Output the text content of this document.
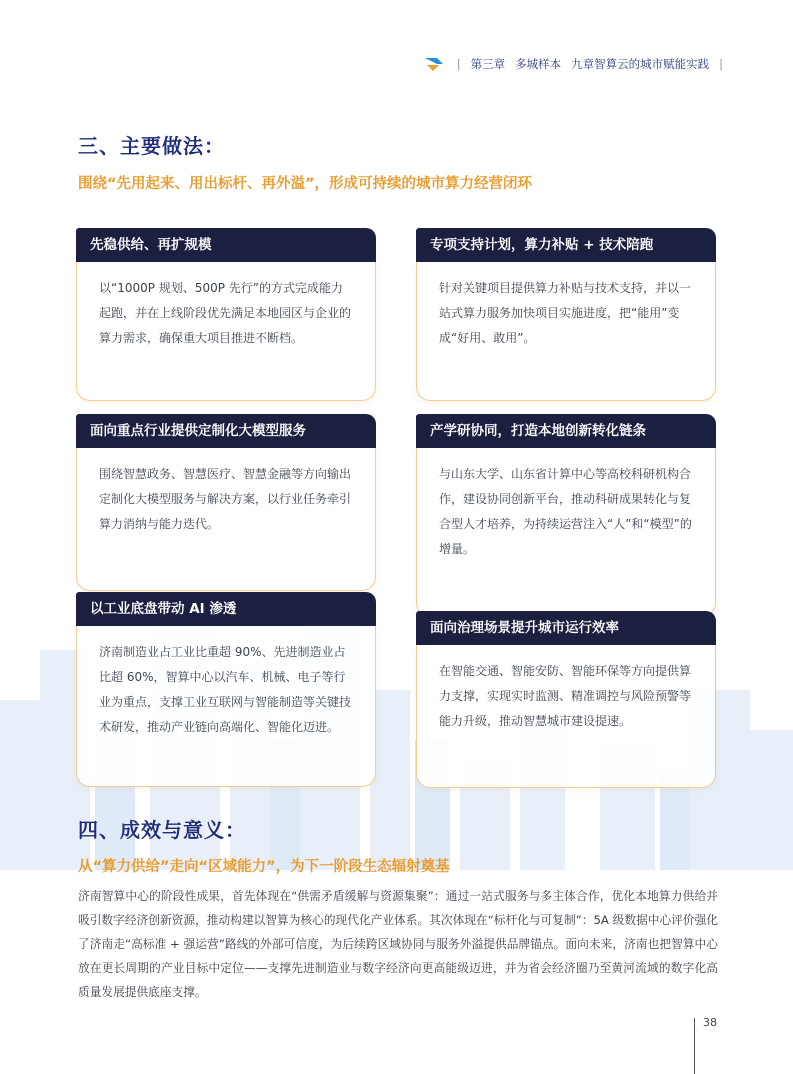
| 第三章 多城样本 九章智算云的城市赋能实践 |
三、主要做法：
围绕“先用起来、用出标杆、再外溢”，形成可持续的城市算力经营闭环
先稳供给、再扩规模
以“1000P 规划、500P 先行”的方式完成能力起跑，并在上线阶段优先满足本地园区与企业的算力需求，确保重大项目推进不断档。
专项支持计划，算力补贴 + 技术陪跑
针对关键项目提供算力补贴与技术支持，并以一站式算力服务加快项目实施进度，把“能用”变成“好用、敢用”。
面向重点行业提供定制化大模型服务
围绕智慧政务、智慧医疗、智慧金融等方向输出定制化大模型服务与解决方案，以行业任务牵引算力消纳与能力迭代。
产学研协同，打造本地创新转化链条
与山东大学、山东省计算中心等高校科研机构合作，建设协同创新平台，推动科研成果转化与复合型人才培养，为持续运营注入“人”和“模型”的增量。
以工业底盘带动 AI 渗透
济南制造业占工业比重超 90%、先进制造业占比超 60%，智算中心以汽车、机械、电子等行业为重点，支撑工业互联网与智能制造等关键技术研发，推动产业链向高端化、智能化迈进。
面向治理场景提升城市运行效率
在智能交通、智能安防、智能环保等方向提供算力支撑，实现实时监测、精准调控与风险预警等能力升级，推动智慧城市建设提速。
四、成效与意义：
从“算力供给”走向“区域能力”，为下一阶段生态辐射奠基
济南智算中心的阶段性成果，首先体现在“供需矛盾缓解与资源集聚”：通过一站式服务与多主体合作，优化本地算力供给并吸引数字经济创新资源，推动构建以智算为核心的现代化产业体系。其次体现在“标杆化与可复制”：5A 级数据中心评价强化了济南走“高标准 + 强运营”路线的外部可信度，为后续跨区域协同与服务外溢提供品牌锚点。面向未来，济南也把智算中心放在更长周期的产业目标中定位——支撑先进制造业与数字经济向更高能级迈进，并为省会经济圈乃至黄河流域的数字化高质量发展提供底座支撑。
38
